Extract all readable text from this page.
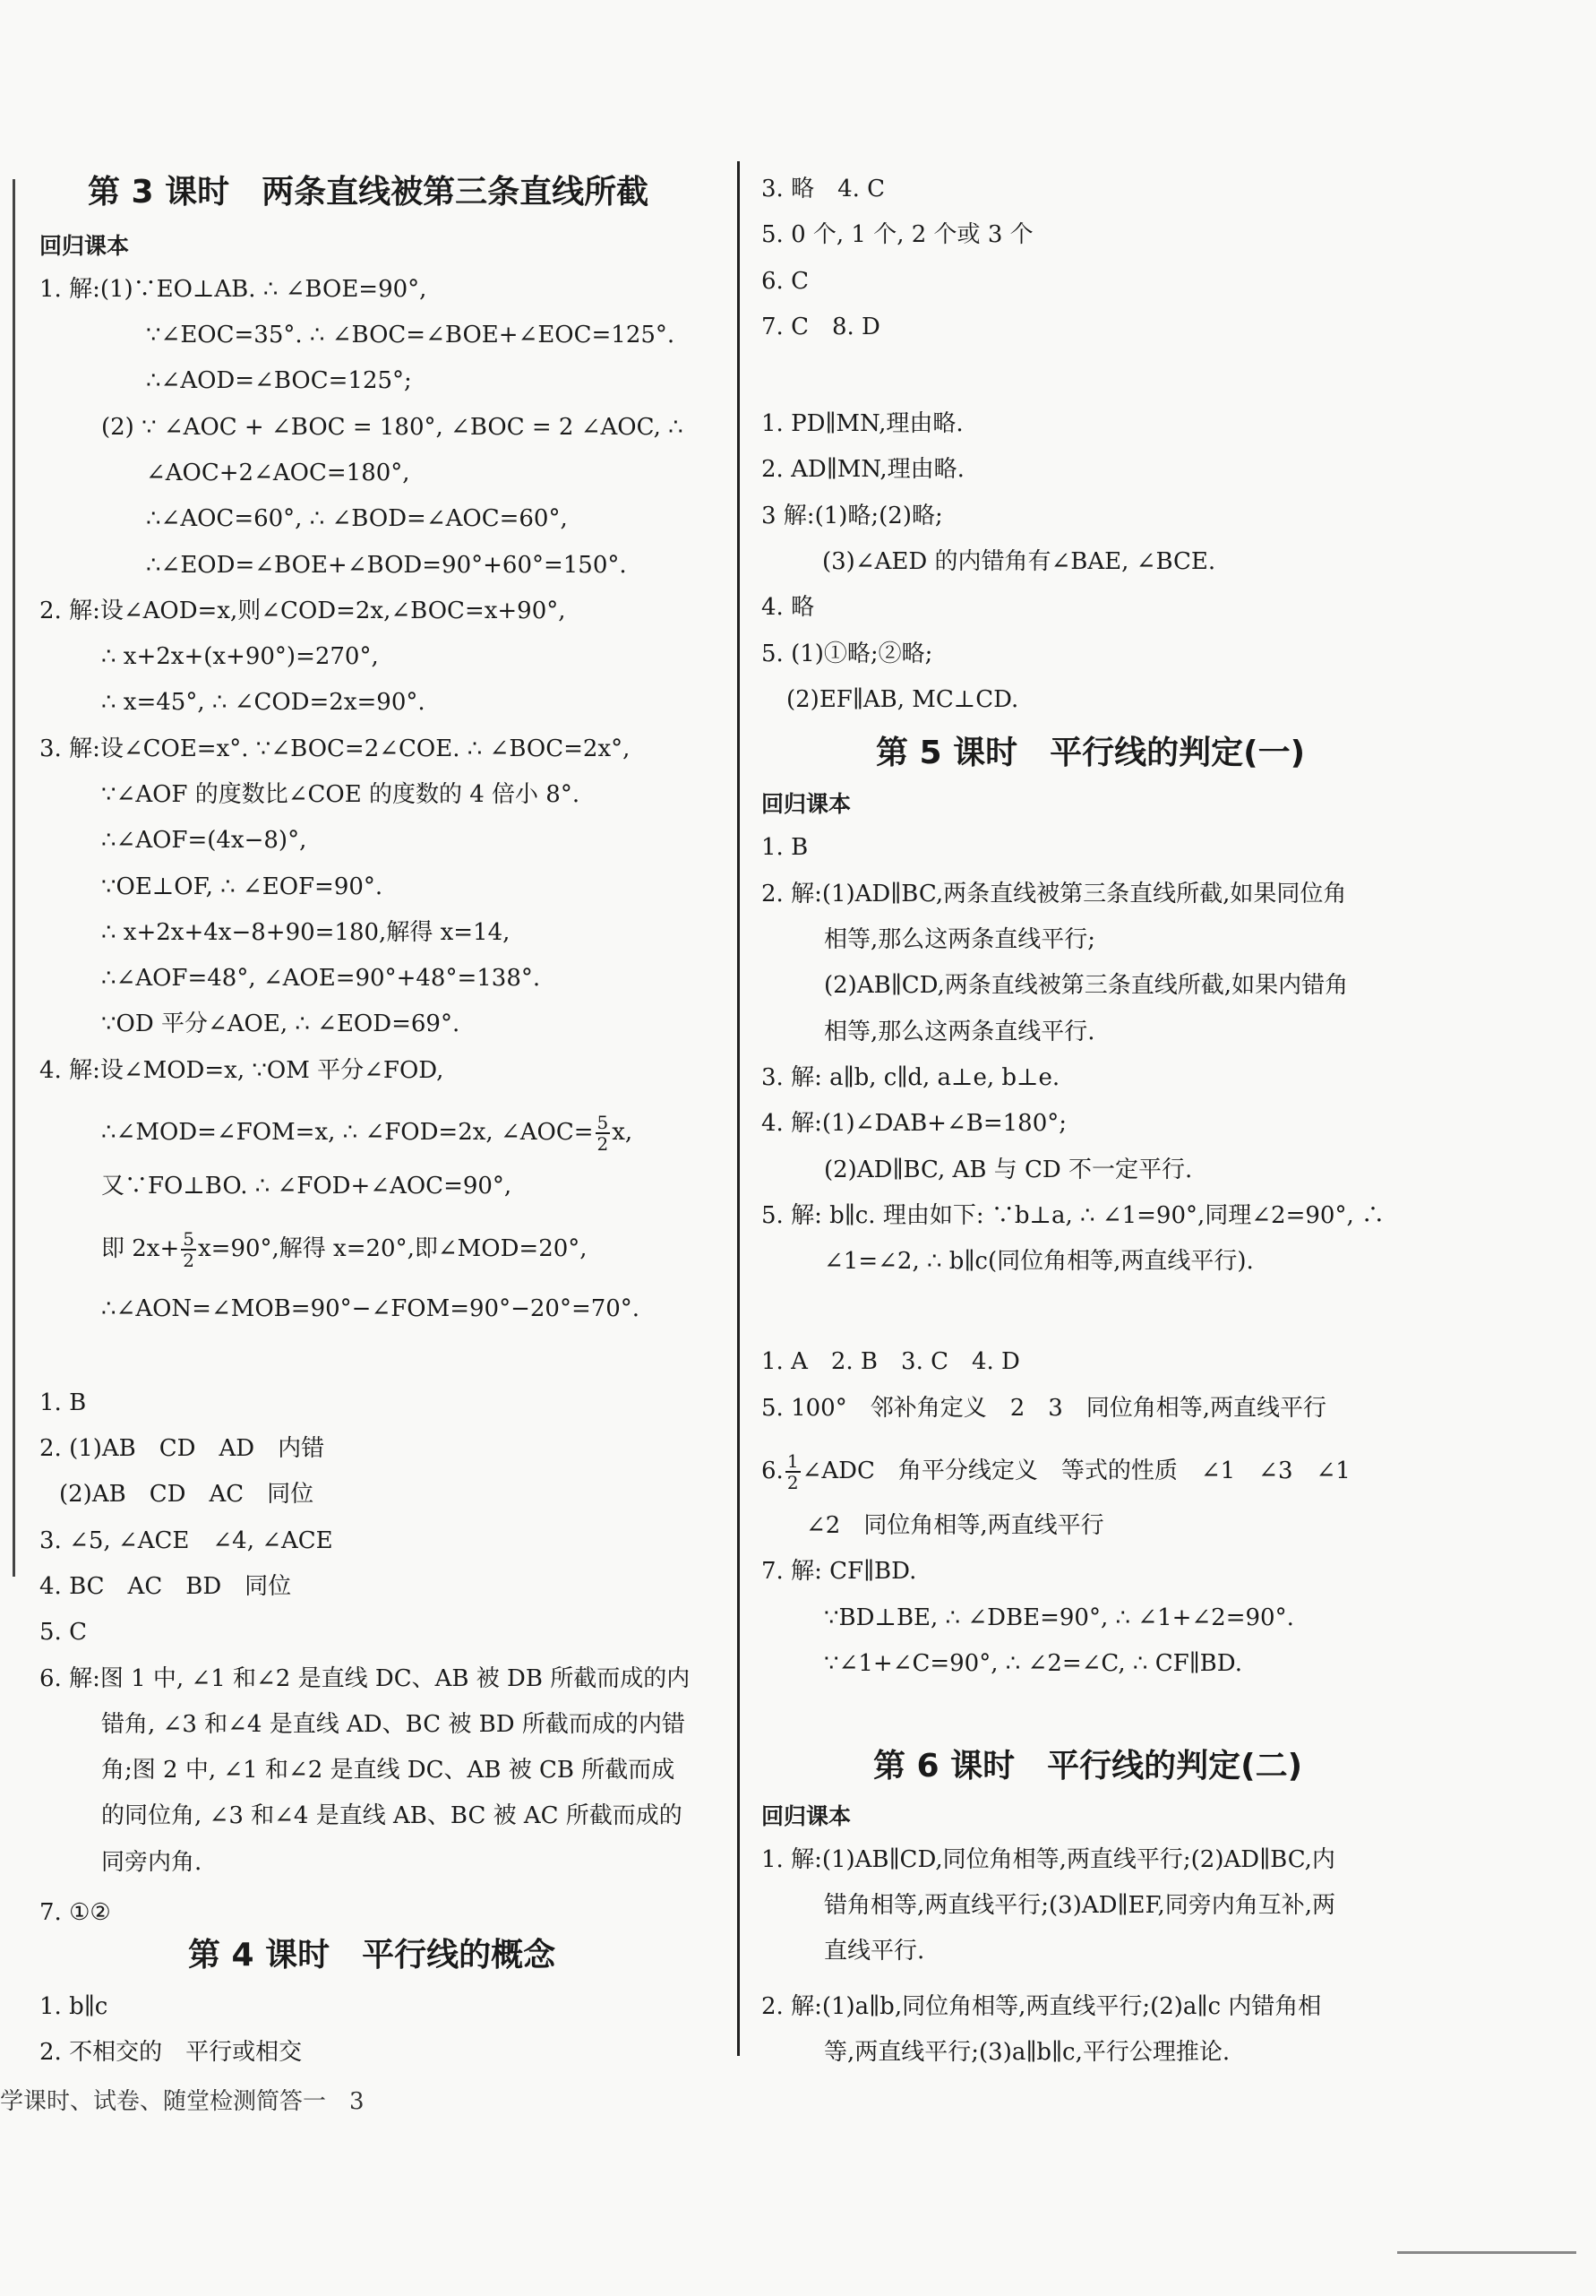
第 3 课时　两条直线被第三条直线所截
回归课本
1. 解:(1)∵EO⊥AB. ∴ ∠BOE=90°,
∵∠EOC=35°. ∴ ∠BOC=∠BOE+∠EOC=125°.
∴∠AOD=∠BOC=125°;
(2) ∵ ∠AOC + ∠BOC = 180°, ∠BOC = 2 ∠AOC, ∴
∠AOC+2∠AOC=180°,
∴∠AOC=60°, ∴ ∠BOD=∠AOC=60°,
∴∠EOD=∠BOE+∠BOD=90°+60°=150°.
2. 解:设∠AOD=x,则∠COD=2x,∠BOC=x+90°,
∴ x+2x+(x+90°)=270°,
∴ x=45°, ∴ ∠COD=2x=90°.
3. 解:设∠COE=x°. ∵∠BOC=2∠COE. ∴ ∠BOC=2x°,
∵∠AOF 的度数比∠COE 的度数的 4 倍小 8°.
∴∠AOF=(4x−8)°,
∵OE⊥OF, ∴ ∠EOF=90°.
∴ x+2x+4x−8+90=180,解得 x=14,
∴∠AOF=48°, ∠AOE=90°+48°=138°.
∵OD 平分∠AOE, ∴ ∠EOD=69°.
4. 解:设∠MOD=x, ∵OM 平分∠FOD,
∴∠MOD=∠FOM=x, ∴ ∠FOD=2x, ∠AOC= $\frac{5}{2} x$,
又∵FO⊥BO. ∴ ∠FOD+∠AOC=90°,
即 $2x+ \frac{5}{2} x=90^\circ$,解得 x=20°,即∠MOD=20°,
∴∠AON=∠MOB=90°−∠FOM=90°−20°=70°.
1. B
2. (1)AB　CD　AD　内错
(2)AB　CD　AC　同位
3. ∠5, ∠ACE　∠4, ∠ACE
4. BC　AC　BD　同位
5. C
6. 解:图 1 中, ∠1 和∠2 是直线 DC、AB 被 DB 所截而成的内
错角, ∠3 和∠4 是直线 AD、BC 被 BD 所截而成的内错
角;图 2 中, ∠1 和∠2 是直线 DC、AB 被 CB 所截而成
的同位角, ∠3 和∠4 是直线 AB、BC 被 AC 所截而成的
同旁内角.
7. ①②
第 4 课时　平行线的概念
1. b∥c
2. 不相交的　平行或相交
学课时、试卷、随堂检测简答一　3
3. 略　4. C
5. 0 个, 1 个, 2 个或 3 个
6. C
7. C　8. D
1. PD∥MN,理由略.
2. AD∥MN,理由略.
3 解:(1)略;(2)略;
(3)∠AED 的内错角有∠BAE, ∠BCE.
4. 略
5. (1)①略;②略;
(2)EF∥AB, MC⊥CD.
第 5 课时　平行线的判定(一)
回归课本
1. B
2. 解:(1)AD∥BC,两条直线被第三条直线所截,如果同位角
相等,那么这两条直线平行;
(2)AB∥CD,两条直线被第三条直线所截,如果内错角
相等,那么这两条直线平行.
3. 解: a∥b, c∥d, a⊥e, b⊥e.
4. 解:(1)∠DAB+∠B=180°;
(2)AD∥BC, AB 与 CD 不一定平行.
5. 解: b∥c. 理由如下: ∵b⊥a, ∴ ∠1=90°,同理∠2=90°, ∴
∠1=∠2, ∴ b∥c(同位角相等,两直线平行).
1. A　2. B　3. C　4. D
5. 100°　邻补角定义　2　3　同位角相等,两直线平行
6. $\frac{1}{2}$ ∠ADC　角平分线定义　等式的性质　∠1　∠3　∠1
∠2　同位角相等,两直线平行
7. 解: CF∥BD.
∵BD⊥BE, ∴ ∠DBE=90°, ∴ ∠1+∠2=90°.
∵∠1+∠C=90°, ∴ ∠2=∠C, ∴ CF∥BD.
第 6 课时　平行线的判定(二)
回归课本
1. 解:(1)AB∥CD,同位角相等,两直线平行;(2)AD∥BC,内
错角相等,两直线平行;(3)AD∥EF,同旁内角互补,两
直线平行.
2. 解:(1)a∥b,同位角相等,两直线平行;(2)a∥c 内错角相
等,两直线平行;(3)a∥b∥c,平行公理推论.
